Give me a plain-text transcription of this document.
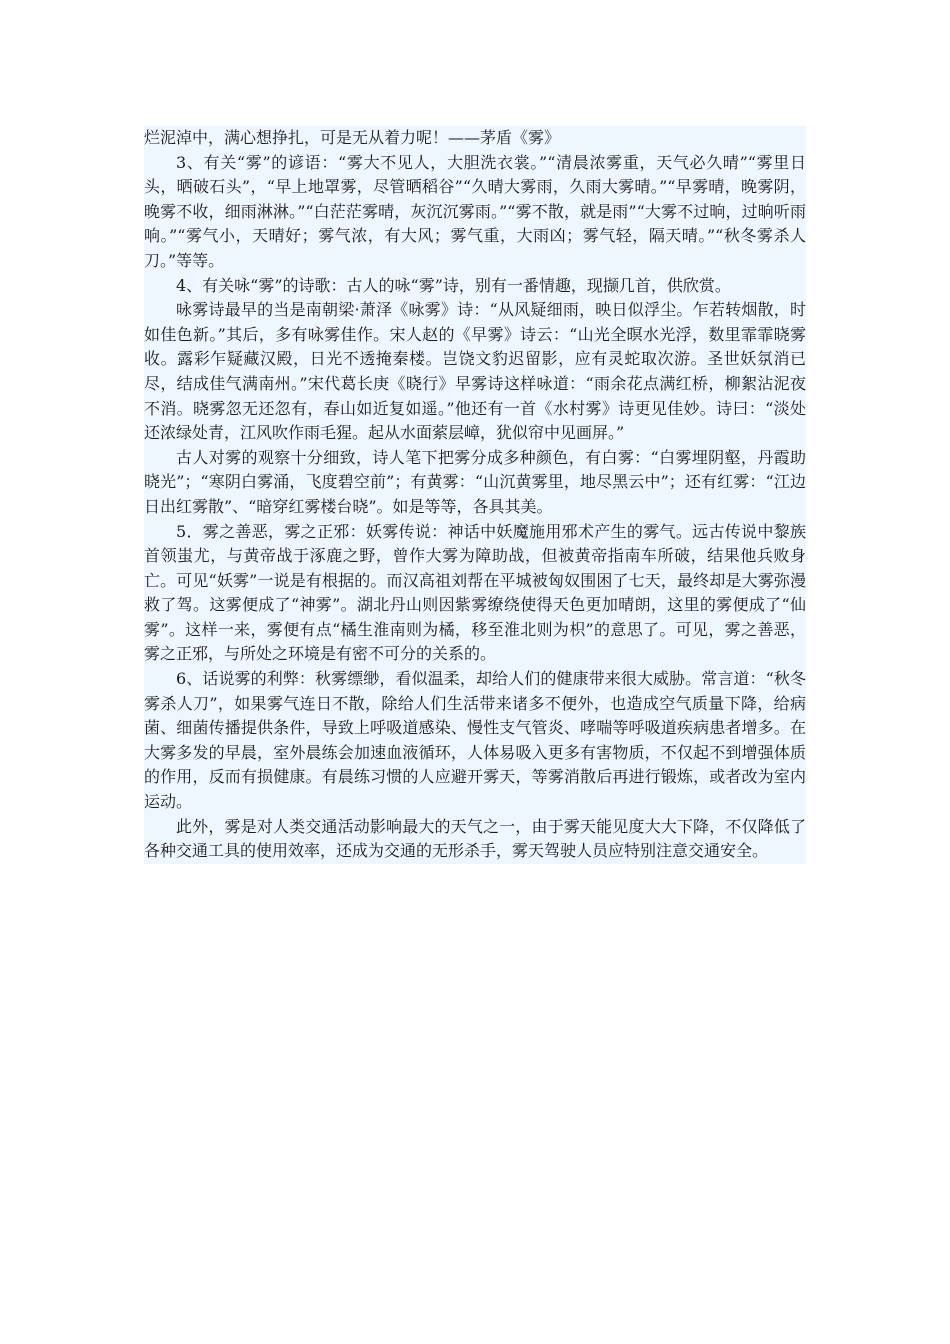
烂泥淖中，满心想挣扎，可是无从着力呢！——茅盾《雾》

3、有关“雾”的谚语：“雾大不见人，大胆洗衣裳。”“清晨浓雾重，天气必久晴”“雾里日头，晒破石头”，“早上地罩雾，尽管晒稻谷”“久晴大雾雨，久雨大雾晴。”“早雾晴，晚雾阴，晚雾不收，细雨淋淋。”“白茫茫雾晴，灰沉沉雾雨。”“雾不散，就是雨”“大雾不过晌，过晌听雨响。”“雾气小，天晴好；雾气浓，有大风；雾气重，大雨凶；雾气轻，隔天晴。”“秋冬雾杀人刀。”等等。

4、有关咏“雾”的诗歌：古人的咏“雾”诗，别有一番情趣，现撷几首，供欣赏。

咏雾诗最早的当是南朝梁·萧泽《咏雾》诗：“从风疑细雨，映日似浮尘。乍若转烟散，时如佳色新。”其后，多有咏雾佳作。宋人赵的《早雾》诗云：“山光全暝水光浮，数里霏霏晓雾收。露彩乍疑藏汉殿，日光不透掩秦楼。岂饶文豹迟留影，应有灵蛇取次游。圣世妖氛消已尽，结成佳气满南州。”宋代葛长庚《晓行》早雾诗这样咏道：“雨余花点满红桥，柳絮沾泥夜不消。晓雾忽无还忽有，春山如近复如遥。”他还有一首《水村雾》诗更见佳妙。诗曰：“淡处还浓绿处青，江风吹作雨毛猩。起从水面萦层嶂，犹似帘中见画屏。”

古人对雾的观察十分细致，诗人笔下把雾分成多种颜色，有白雾：“白雾埋阴壑，丹霞助晓光”；“寒阴白雾涌，飞度碧空前”；有黄雾：“山沉黄雾里，地尽黑云中”；还有红雾：“江边日出红雾散”、“暗穿红雾楼台晓”。如是等等，各具其美。

5．雾之善恶，雾之正邪：妖雾传说：神话中妖魔施用邪术产生的雾气。远古传说中黎族首领蚩尤，与黄帝战于涿鹿之野，曾作大雾为障助战，但被黄帝指南车所破，结果他兵败身亡。可见“妖雾”一说是有根据的。而汉高祖刘帮在平城被匈奴围困了七天，最终却是大雾弥漫救了驾。这雾便成了“神雾”。湖北丹山则因紫雾缭绕使得天色更加晴朗，这里的雾便成了“仙雾”。这样一来，雾便有点“橘生淮南则为橘，移至淮北则为枳”的意思了。可见，雾之善恶，雾之正邪，与所处之环境是有密不可分的关系的。

6、话说雾的利弊：秋雾缥缈，看似温柔，却给人们的健康带来很大威胁。常言道：“秋冬雾杀人刀”，如果雾气连日不散，除给人们生活带来诸多不便外，也造成空气质量下降，给病菌、细菌传播提供条件，导致上呼吸道感染、慢性支气管炎、哮喘等呼吸道疾病患者增多。在大雾多发的早晨，室外晨练会加速血液循环，人体易吸入更多有害物质，不仅起不到增强体质的作用，反而有损健康。有晨练习惯的人应避开雾天，等雾消散后再进行锻炼，或者改为室内运动。

此外，雾是对人类交通活动影响最大的天气之一，由于雾天能见度大大下降，不仅降低了各种交通工具的使用效率，还成为交通的无形杀手，雾天驾驶人员应特别注意交通安全。
